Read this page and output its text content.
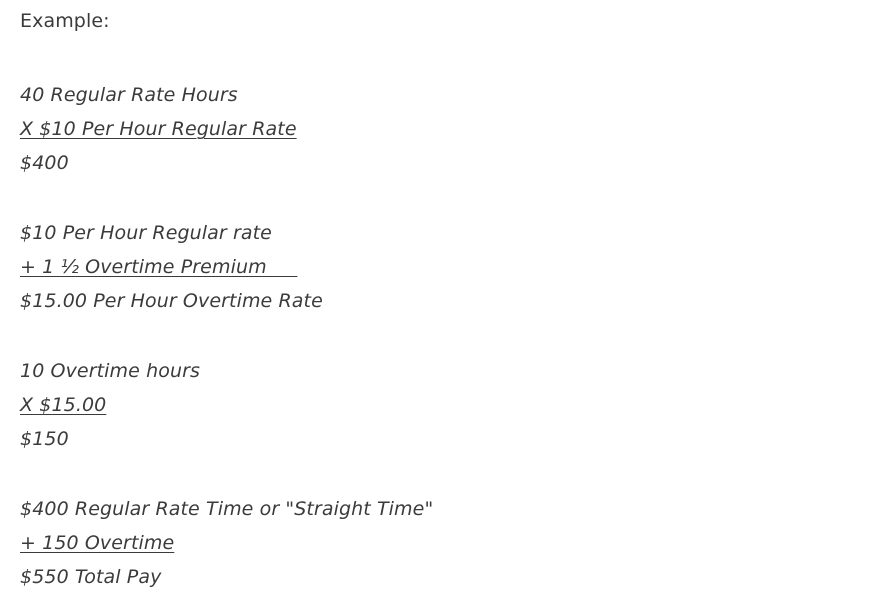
Example:

40 Regular Rate Hours

X $10 Per Hour Regular Rate

$400

$10 Per Hour Regular rate

+ 1 ½ Overtime Premium

$15.00 Per Hour Overtime Rate

10 Overtime hours

X $15.00

$150

$400 Regular Rate Time or "Straight Time"

+ 150 Overtime

$550 Total Pay
